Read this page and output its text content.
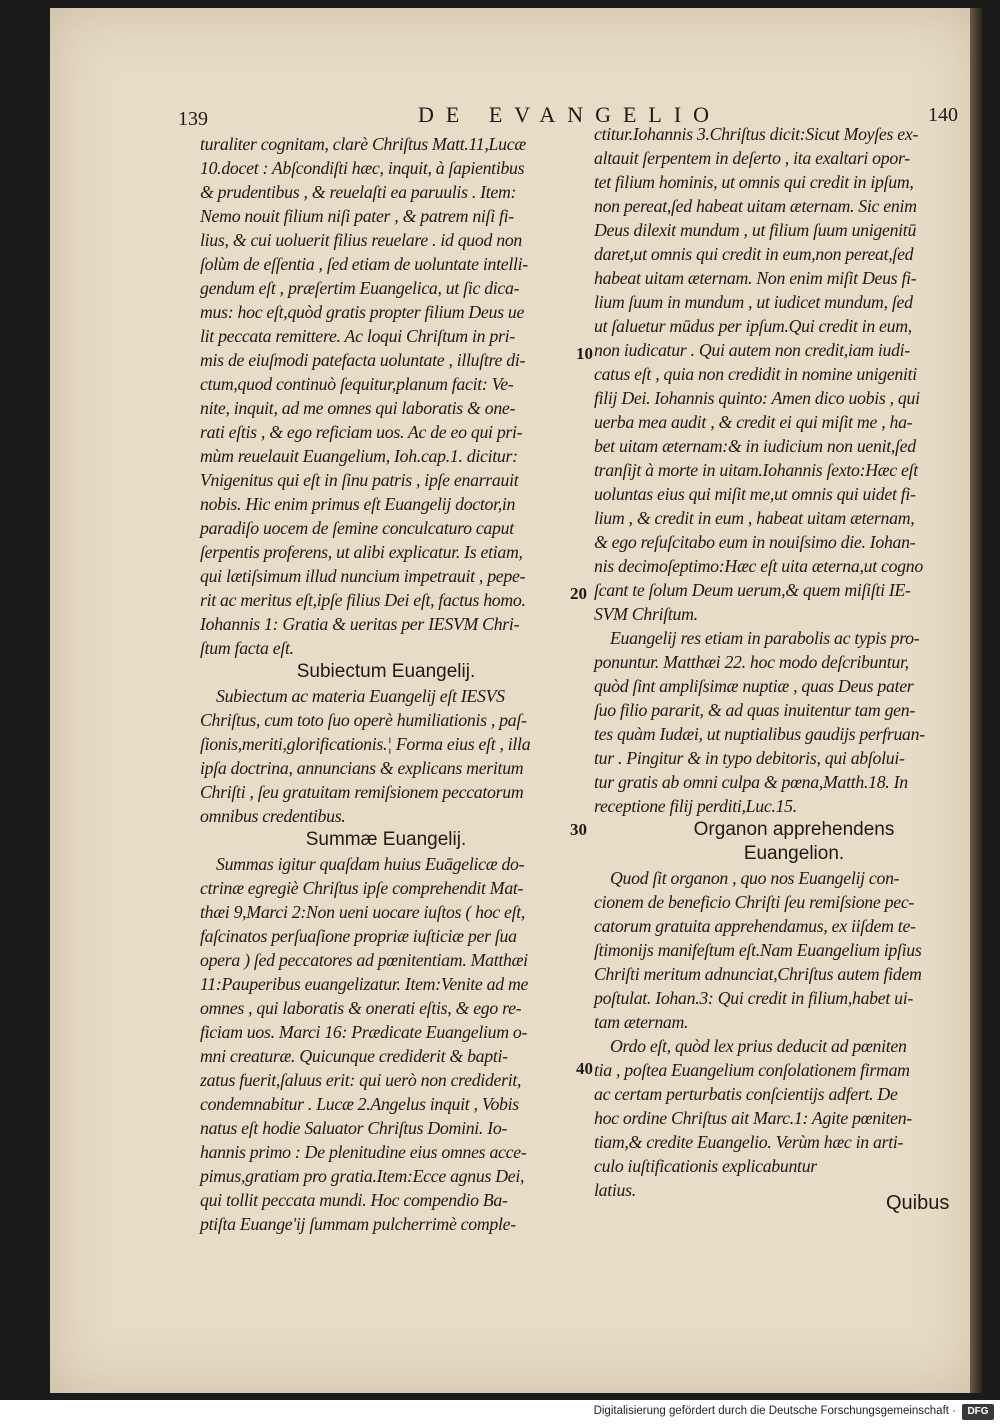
139	DE EVANGELIO	140
turaliter cognitam, clarè Chriſtus Matt.11,Lucæ
10.docet : Abſcondiſti hæc, inquit, à ſapientibus
& prudentibus , & reuelaſti ea paruulis . Item:
Nemo nouit filium niſi pater , & patrem niſi fi-
lius, & cui uoluerit filius reuelare . id quod non
ſolùm de eſſentia , ſed etiam de uoluntate intelli-
gendum eſt , præſertim Euangelica, ut ſic dica-
mus: hoc eſt,quòd gratis propter filium Deus ue
lit peccata remittere. Ac loqui Chriſtum in pri-
mis de eiuſmodi patefacta uoluntate , illuſtre di-
ctum,quod continuò ſequitur,planum facit: Ve-
nite, inquit, ad me omnes qui laboratis & one-
rati eſtis , & ego reficiam uos. Ac de eo qui pri-
mùm reuelauit Euangelium, Ioh.cap.1. dicitur:
Vnigenitus qui eſt in ſinu patris , ipſe enarrauit
nobis. Hic enim primus eſt Euangelij doctor,in
paradiſo uocem de ſemine conculcaturo caput
ſerpentis proferens, ut alibi explicatur. Is etiam,
qui lætiſsimum illud nuncium impetrauit , pepe-
rit ac meritus eſt,ipſe filius Dei eſt, factus homo.
Iohannis 1: Gratia & ueritas per IESVM Chri-
ſtum facta eſt.
Subiectum Euangelij.
Subiectum ac materia Euangelij eſt IESVS
Chriſtus, cum toto ſuo operè humiliationis , paſ-
ſionis,meriti,glorificationis.¦ Forma eius eſt , illa
ipſa doctrina, annuncians & explicans meritum
Chriſti , ſeu gratuitam remiſsionem peccatorum
omnibus credentibus.
Summæ Euangelij.
Summas igitur quaſdam huius Euāgelicæ do-
ctrinæ egregiè Chriſtus ipſe comprehendit Mat-
thæi 9,Marci 2:Non ueni uocare iuſtos ( hoc eſt,
faſcinatos perſuaſione propriæ iuſticiæ per ſua
opera ) ſed peccatores ad pœnitentiam. Matthæi
11:Pauperibus euangelizatur. Item:Venite ad me
omnes , qui laboratis & onerati eſtis, & ego re-
ficiam uos. Marci 16: Prædicate Euangelium o-
mni creaturæ. Quicunque crediderit & bapti-
zatus fuerit,ſaluus erit: qui uerò non crediderit,
condemnabitur . Lucæ 2.Angelus inquit , Vobis
natus eſt hodie Saluator Chriſtus Domini. Io-
hannis primo : De plenitudine eius omnes acce-
pimus,gratiam pro gratia.Item:Ecce agnus Dei,
qui tollit peccata mundi. Hoc compendio Ba-
ptiſta Euange'ij ſummam pulcherrimè comple-
ctitur.Iohannis 3.Chriſtus dicit:Sicut Moyſes ex-
altauit ſerpentem in deſerto , ita exaltari opor-
tet filium hominis, ut omnis qui credit in ipſum,
non pereat,ſed habeat uitam æternam. Sic enim
Deus dilexit mundum , ut filium ſuum unigenitū
daret,ut omnis qui credit in eum,non pereat,ſed
habeat uitam æternam. Non enim miſit Deus fi-
lium ſuum in mundum , ut iudicet mundum, ſed
ut ſaluetur mūdus per ipſum.Qui credit in eum,
non iudicatur . Qui autem non credit,iam iudi-
catus eſt , quia non credidit in nomine unigeniti
filij Dei. Iohannis quinto: Amen dico uobis , qui
uerba mea audit , & credit ei qui miſit me , ha-
bet uitam æternam:& in iudicium non uenit,ſed
tranſijt à morte in uitam.Iohannis ſexto:Hæc eſt
uoluntas eius qui miſit me,ut omnis qui uidet fi-
lium , & credit in eum , habeat uitam æternam,
& ego reſuſcitabo eum in nouiſsimo die. Iohan-
nis decimoſeptimo:Hæc eſt uita æterna,ut cogno
ſcant te ſolum Deum uerum,& quem miſiſti IE-
SVM Chriſtum.
Euangelij res etiam in parabolis ac typis pro-
ponuntur. Matthæi 22. hoc modo deſcribuntur,
quòd ſint ampliſsimæ nuptiæ , quas Deus pater
ſuo filio pararit, & ad quas inuitentur tam gen-
tes quàm Iudæi, ut nuptialibus gaudijs perfruan-
tur . Pingitur & in typo debitoris, qui abſolui-
tur gratis ab omni culpa & pœna,Matth.18. In
receptione filij perditi,Luc.15.
Organon apprehendens
Euangelion.
Quod ſit organon , quo nos Euangelij con-
cionem de beneficio Chriſti ſeu remiſsione pec-
catorum gratuita apprehendamus, ex iiſdem te-
ſtimonijs manifeſtum eſt.Nam Euangelium ipſius
Chriſti meritum adnunciat,Chriſtus autem fidem
poſtulat. Iohan.3: Qui credit in filium,habet ui-
tam æternam.
Ordo eſt, quòd lex prius deducit ad pœniten
tia , poſtea Euangelium conſolationem firmam
ac certam perturbatis conſcientijs adfert. De
hoc ordine Chriſtus ait Marc.1: Agite pœniten-
tiam,& credite Euangelio. Verùm hæc in arti-
culo iuſtificationis explicabuntur
latius.
10
20
30
40
Quibus
Digitalisierung gefördert durch die Deutsche Forschungsgemeinschaft ·	DFG
